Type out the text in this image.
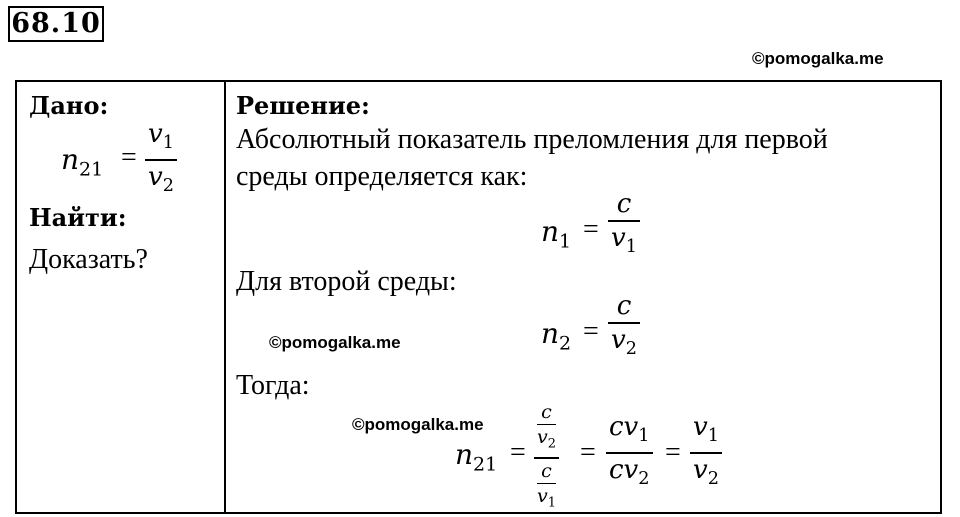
68.10
©pomogalka.me
Дано:
$n_{21}$ =
$v_1$
$v_2$
Найти:
Доказать?
Решение:
Абсолютный показатель преломления для первой
среды определяется как:
$n_1$ =
c
$v_1$
Для второй среды:
©pomogalka.me	$n_2$ =
c
$v_2$
Тогда:
©pomogalka.me
$n_{21}$ =
c
$v_2$
c
$v_1$
=
$cv_1$
$cv_2$
=
$v_1$
$v_2$
